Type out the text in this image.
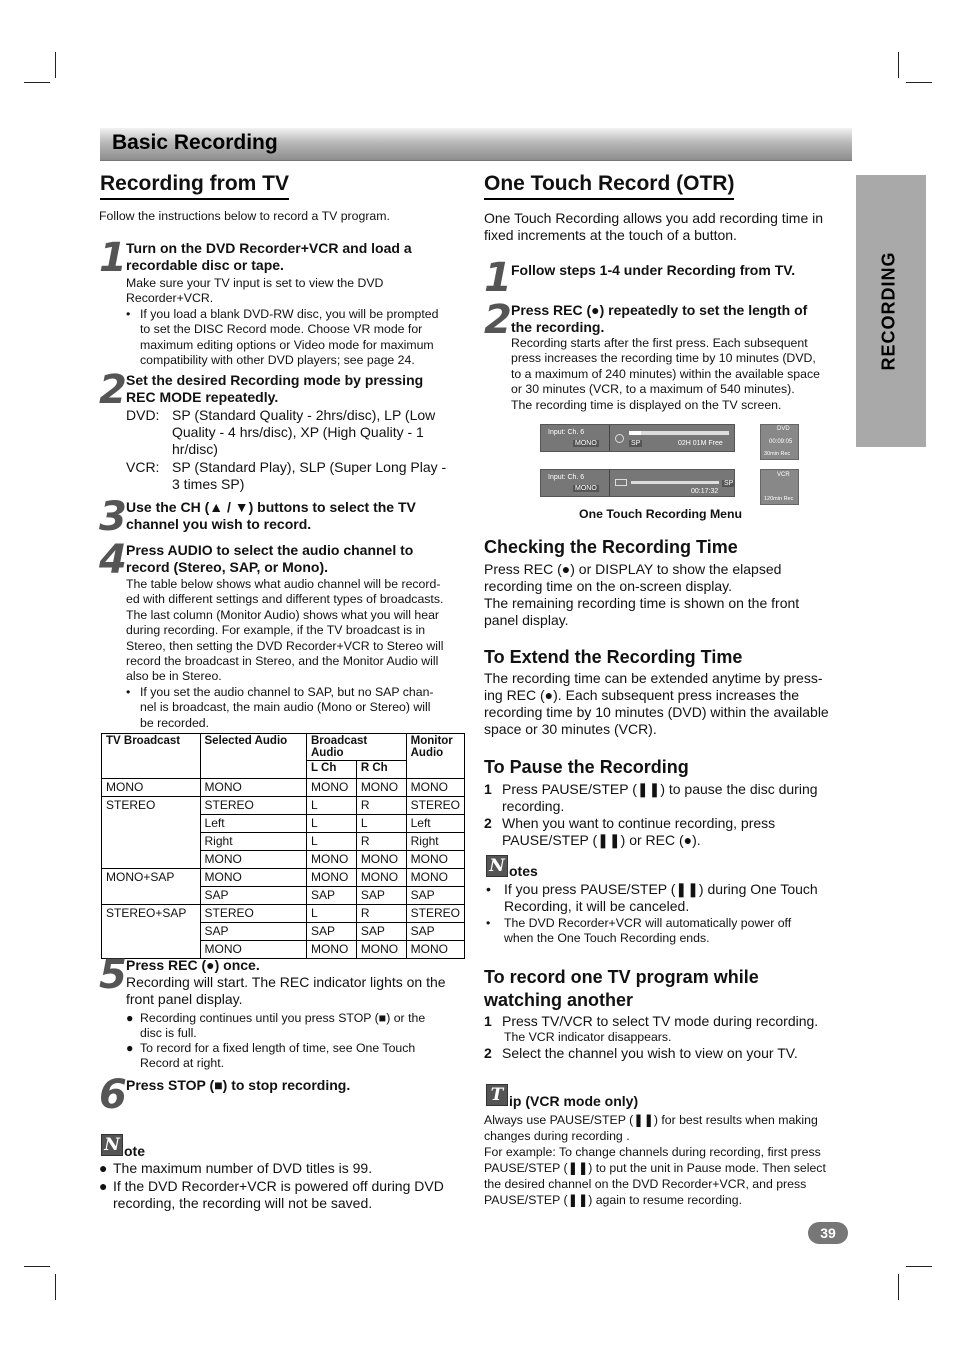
Basic Recording
RECORDING
Recording from TV
Follow the instructions below to record a TV program.
1 Turn on the DVD Recorder+VCR and load a
recordable disc or tape.
Make sure your TV input is set to view the DVD
Recorder+VCR.
• If you load a blank DVD-RW disc, you will be prompted
to set the DISC Record mode. Choose VR mode for
maximum editing options or Video mode for maximum
compatibility with other DVD players; see page 24.
2 Set the desired Recording mode by pressing
REC MODE repeatedly.
DVD: SP (Standard Quality - 2hrs/disc), LP (Low
Quality - 4 hrs/disc), XP (High Quality - 1
hr/disc)
VCR: SP (Standard Play), SLP (Super Long Play -
3 times SP)
3 Use the CH (▲ / ▼) buttons to select the TV
channel you wish to record.
4 Press AUDIO to select the audio channel to
record (Stereo, SAP, or Mono).
The table below shows what audio channel will be record-
ed with different settings and different types of broadcasts.
The last column (Monitor Audio) shows what you will hear
during recording. For example, if the TV broadcast is in
Stereo, then setting the DVD Recorder+VCR to Stereo will
record the broadcast in Stereo, and the Monitor Audio will
also be in Stereo.
• If you set the audio channel to SAP, but no SAP chan-
nel is broadcast, the main audio (Mono or Stereo) will
be recorded.
TV Broadcast	Selected Audio	Broadcast Audio		Monitor
Audio

		L Ch	R Ch	
MONO	MONO	MONO	MONO	MONO
STEREO	STEREO	L	R	STEREO
	Left	L	L	Left
	Right	L	R	Right
	MONO	MONO	MONO	MONO
MONO+SAP	MONO	MONO	MONO	MONO
	SAP	SAP	SAP	SAP
STEREO+SAP	STEREO	L	R	STEREO
	SAP	SAP	SAP	SAP
	MONO	MONO	MONO	MONO
5 Press REC (●) once.
Recording will start. The REC indicator lights on the
front panel display.
● Recording continues until you press STOP (■) or the
disc is full.
● To record for a fixed length of time, see One Touch
Record at right.
6 Press STOP (■) to stop recording.
N ote
● The maximum number of DVD titles is 99.
● If the DVD Recorder+VCR is powered off during DVD
recording, the recording will not be saved.
One Touch Record (OTR)
One Touch Recording allows you add recording time in
fixed increments at the touch of a button.
1 Follow steps 1-4 under Recording from TV.
2 Press REC (●) repeatedly to set the length of
the recording.
Recording starts after the first press. Each subsequent
press increases the recording time by 10 minutes (DVD,
to a maximum of 240 minutes) within the available space
or 30 minutes (VCR, to a maximum of 540 minutes).
The recording time is displayed on the TV screen.
Input: Ch. 6
MONO	SP	02H 01M Free
DVD
00:09:05
30min Rec
Input: Ch. 6
MONO
SP
00:17:32
VCR
120min Rec
One Touch Recording Menu
Checking the Recording Time
Press REC (●) or DISPLAY to show the elapsed
recording time on the on-screen display.
The remaining recording time is shown on the front
panel display.
To Extend the Recording Time
The recording time can be extended anytime by press-
ing REC (●). Each subsequent press increases the
recording time by 10 minutes (DVD) within the available
space or 30 minutes (VCR).
To Pause the Recording
1 Press PAUSE/STEP (❚❚) to pause the disc during
recording.
2 When you want to continue recording, press
PAUSE/STEP (❚❚) or REC (●).
N otes
• If you press PAUSE/STEP (❚❚) during One Touch
Recording, it will be canceled.
• The DVD Recorder+VCR will automatically power off
when the One Touch Recording ends.
To record one TV program while
watching another
1 Press TV/VCR to select TV mode during recording.
The VCR indicator disappears.
2 Select the channel you wish to view on your TV.
T ip (VCR mode only)
Always use PAUSE/STEP (❚❚) for best results when making
changes during recording .
For example: To change channels during recording, first press
PAUSE/STEP (❚❚) to put the unit in Pause mode. Then select
the desired channel on the DVD Recorder+VCR, and press
PAUSE/STEP (❚❚) again to resume recording.
39
